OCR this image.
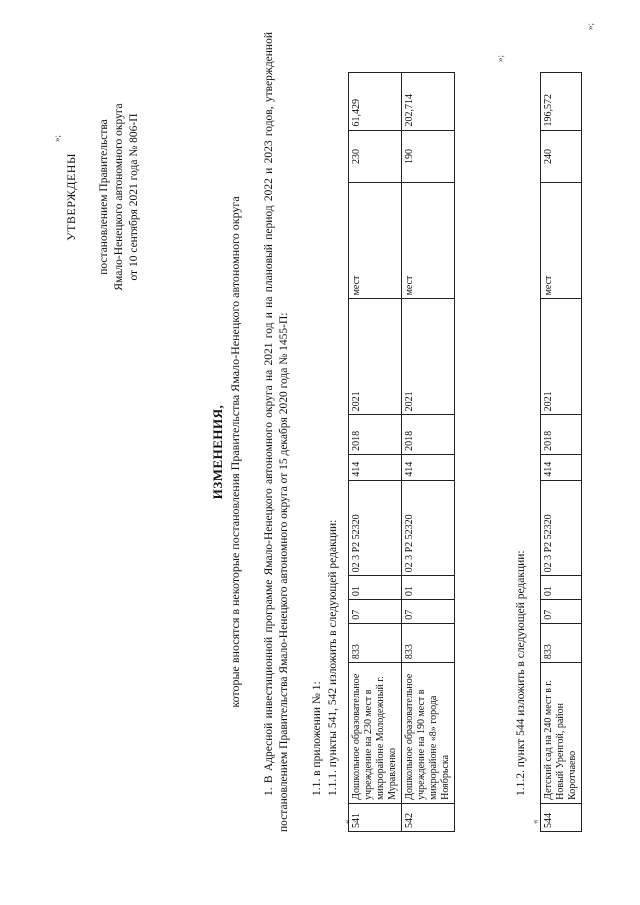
УТВЕРЖДЕНЫ постановлением Правительства Ямало-Ненецкого автономного округа от 10 сентября 2021 года № 806-П
ИЗМЕНЕНИЯ, которые вносятся в некоторые постановления Правительства Ямало-Ненецкого автономного округа 1. В Адресной инвестиционной программе Ямало-Ненецкого автономного округа на 2021 год и на плановый период 2022 и 2023 годов, утвержденной постановлением Правительства Ямало-Ненецкого автономного округа от 15 декабря 2020 года № 1455-П: 1.1. в приложении № 1: 1.1.1. пункты 541, 542 изложить в следующей редакции:
»;
« 541	Дошкольное образовательное учреждение на 230 мест в микрорайоне Молодежный г. Муравленко	833	07	01	02 3 P2 52320	414	2018	2021	мест	230	61,429
542	Дошкольное образовательное учреждение на 190 мест в микрорайоне «8» города Ноябрьска	833	07	01	02 3 P2 52320	414	2018	2021	мест	190	202,714
»;
1.1.2. пункт 544 изложить в следующей редакции:
« 544	Детский сад на 240 мест в г. Новый Уренгой, район Коротчаево	833	07	01	02 3 P2 52320	414	2018	2021	мест	240	196,572
»;
